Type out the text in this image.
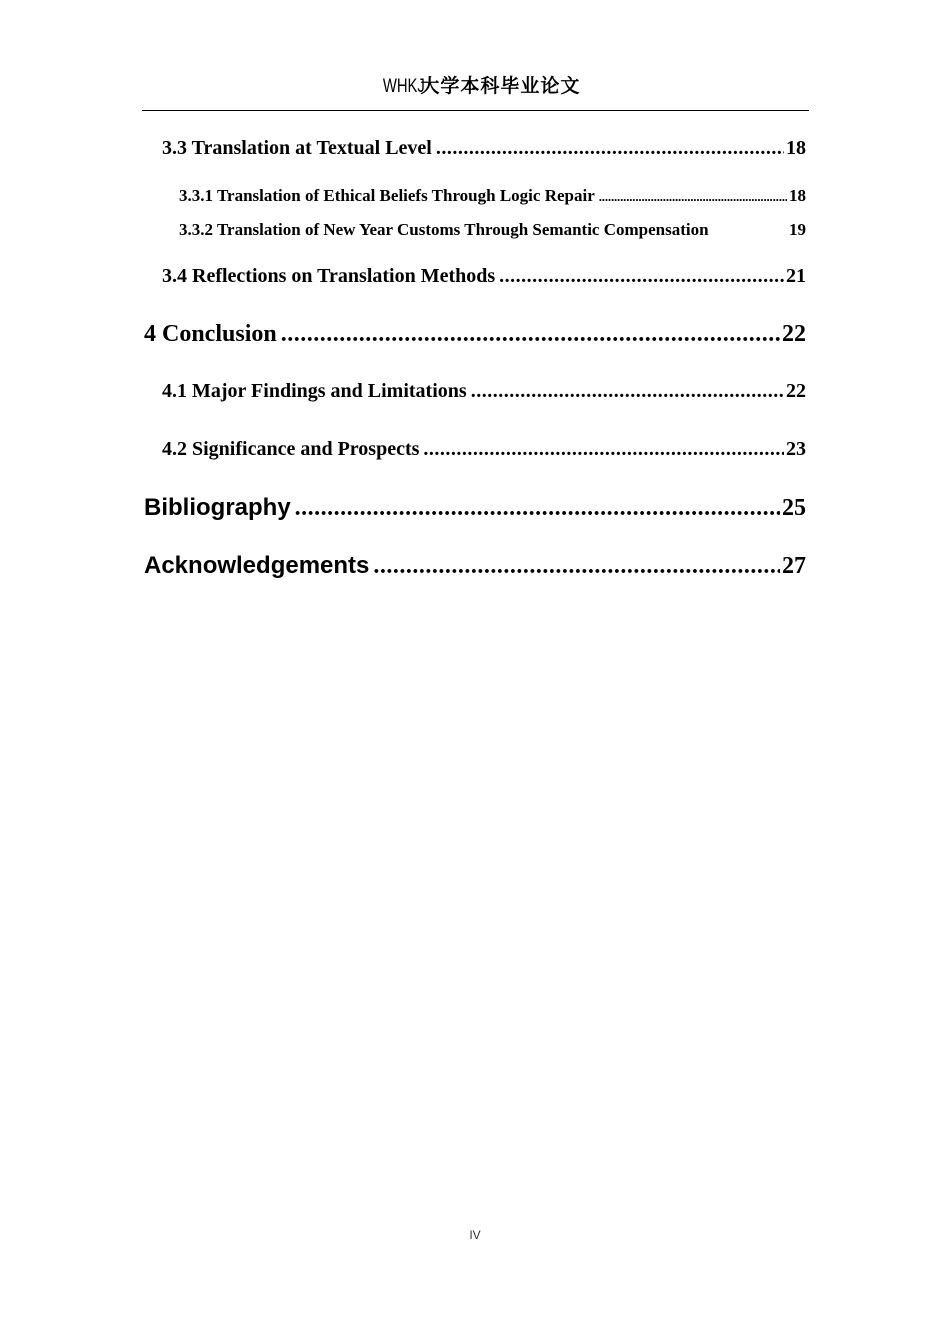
WHKJ大学本科毕业论文
3.3 Translation at Textual Level .....	18
3.3.1 Translation of Ethical Beliefs Through Logic Repair .....	18
3.3.2 Translation of New Year Customs Through Semantic Compensation	19
3.4 Reflections on Translation Methods .....	21
4 Conclusion .....	22
4.1 Major Findings and Limitations .....	22
4.2 Significance and Prospects .....	23
Bibliography .....	25
Acknowledgements .....	27
IV
